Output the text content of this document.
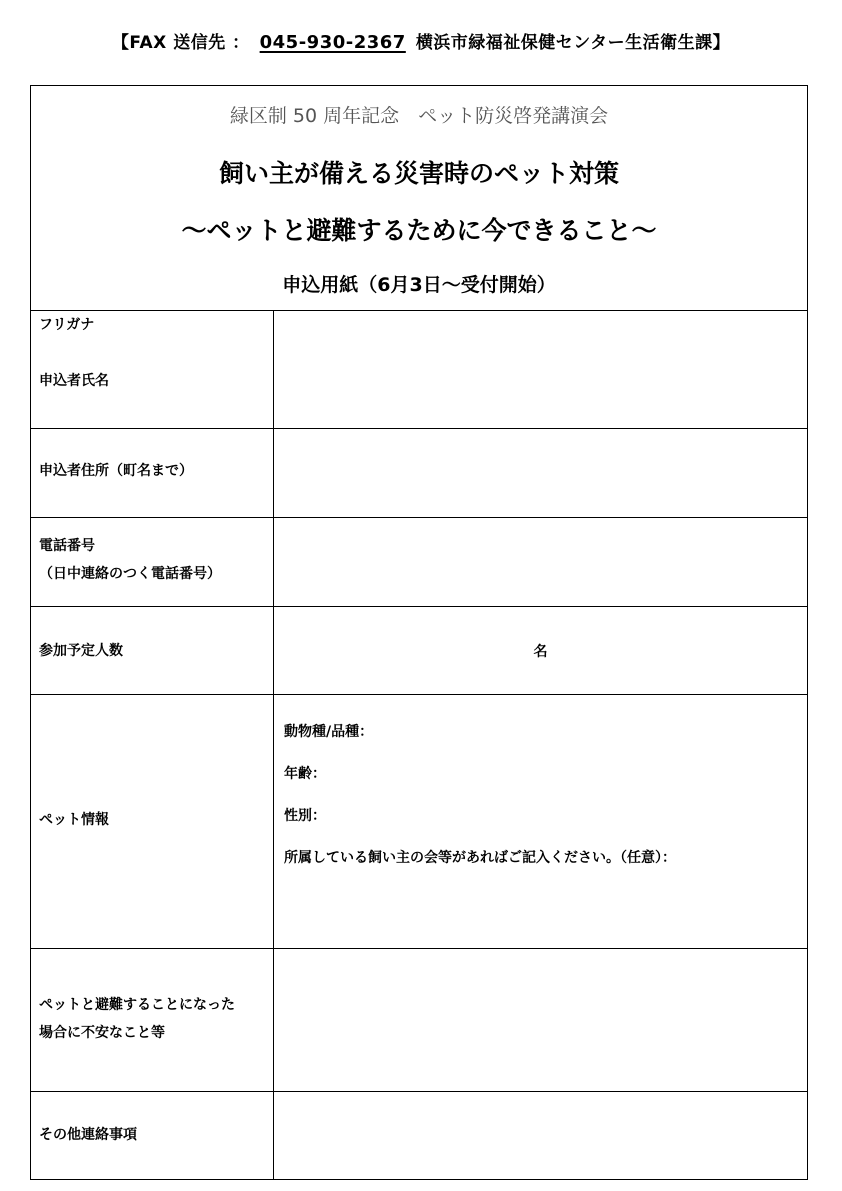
【FAX 送信先 ： 045-930-2367 横浜市緑福祉保健センター生活衛生課】
緑区制 50 周年記念　ペット防災啓発講演会
飼い主が備える災害時のペット対策
～ペットと避難するために今できること～
申込用紙（6月3日～受付開始）
フリガナ
申込者氏名
申込者住所（町名まで）
電話番号
（日中連絡のつく電話番号）
参加予定人数	名
ペット情報
動物種/品種：
年齢：
性別：
所属している飼い主の会等があればご記入ください。（任意）：
ペットと避難することになった
場合に不安なこと等
その他連絡事項
